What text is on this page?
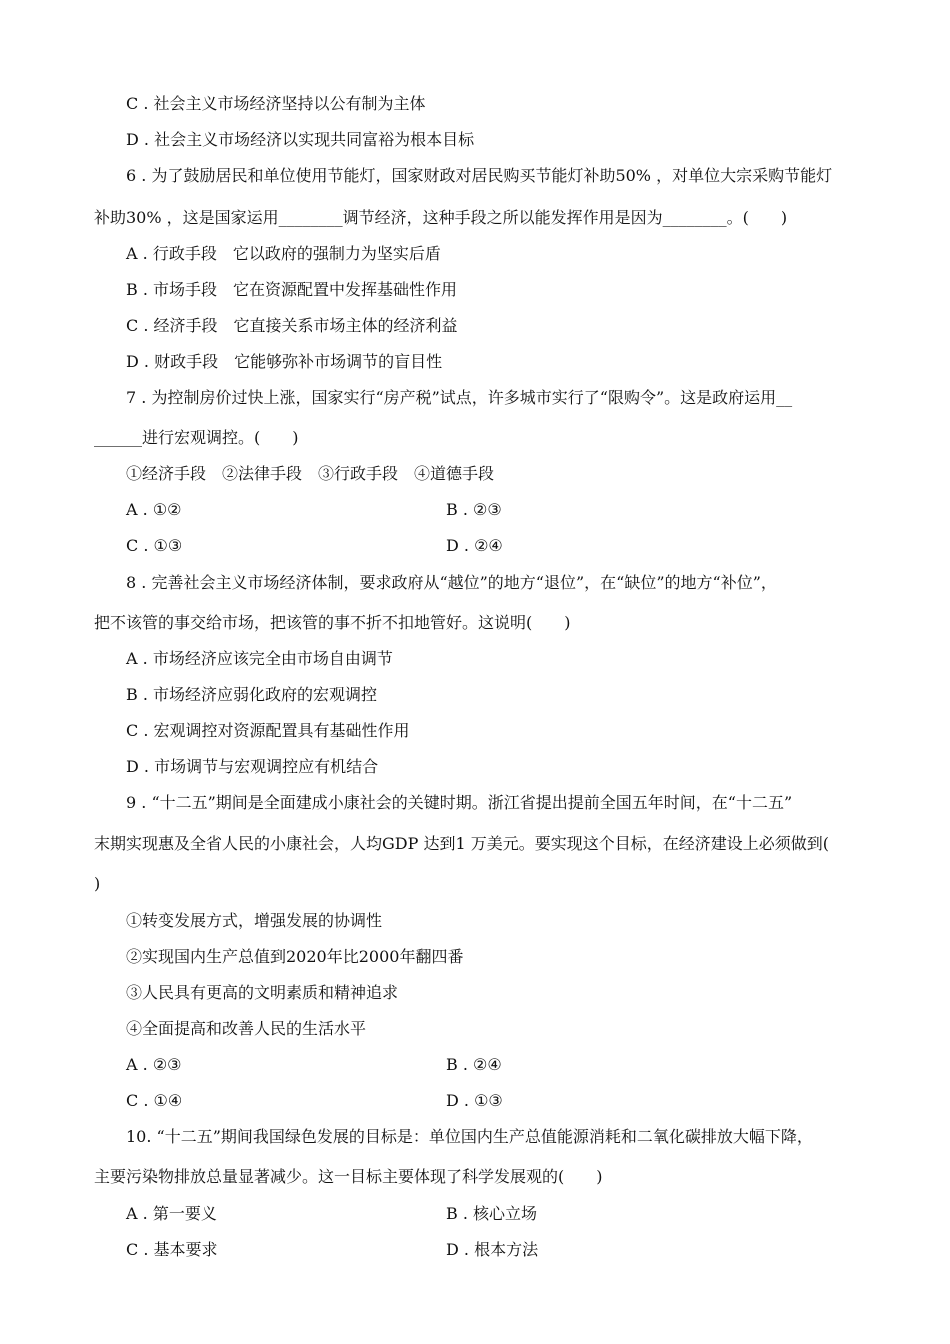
C . 社会主义市场经济坚持以公有制为主体
D . 社会主义市场经济以实现共同富裕为根本目标
6 . 为了鼓励居民和单位使用节能灯，国家财政对居民购买节能灯补助50% ，对单位大宗采购节能灯
补助30% ，这是国家运用________调节经济，这种手段之所以能发挥作用是因为________。(　　)
A . 行政手段　它以政府的强制力为坚实后盾
B . 市场手段　它在资源配置中发挥基础性作用
C . 经济手段　它直接关系市场主体的经济利益
D . 财政手段　它能够弥补市场调节的盲目性
7 . 为控制房价过快上涨，国家实行“房产税”试点，许多城市实行了“限购令”。这是政府运用__
______进行宏观调控。(　　)
①经济手段　②法律手段　③行政手段　④道德手段
A . ①②	B . ②③
C . ①③	D . ②④
8 . 完善社会主义市场经济体制，要求政府从“越位”的地方“退位”，在“缺位”的地方“补位”，
把不该管的事交给市场，把该管的事不折不扣地管好。这说明(　　)
A . 市场经济应该完全由市场自由调节
B . 市场经济应弱化政府的宏观调控
C . 宏观调控对资源配置具有基础性作用
D . 市场调节与宏观调控应有机结合
9 . “十二五”期间是全面建成小康社会的关键时期。浙江省提出提前全国五年时间，在“十二五”
末期实现惠及全省人民的小康社会，人均GDP 达到1 万美元。要实现这个目标，在经济建设上必须做到(
)
①转变发展方式，增强发展的协调性
②实现国内生产总值到2020年比2000年翻四番
③人民具有更高的文明素质和精神追求
④全面提高和改善人民的生活水平
A . ②③	B . ②④
C . ①④	D . ①③
10. “十二五”期间我国绿色发展的目标是：单位国内生产总值能源消耗和二氧化碳排放大幅下降，
主要污染物排放总量显著减少。这一目标主要体现了科学发展观的(　　)
A . 第一要义	B . 核心立场
C . 基本要求	D . 根本方法
